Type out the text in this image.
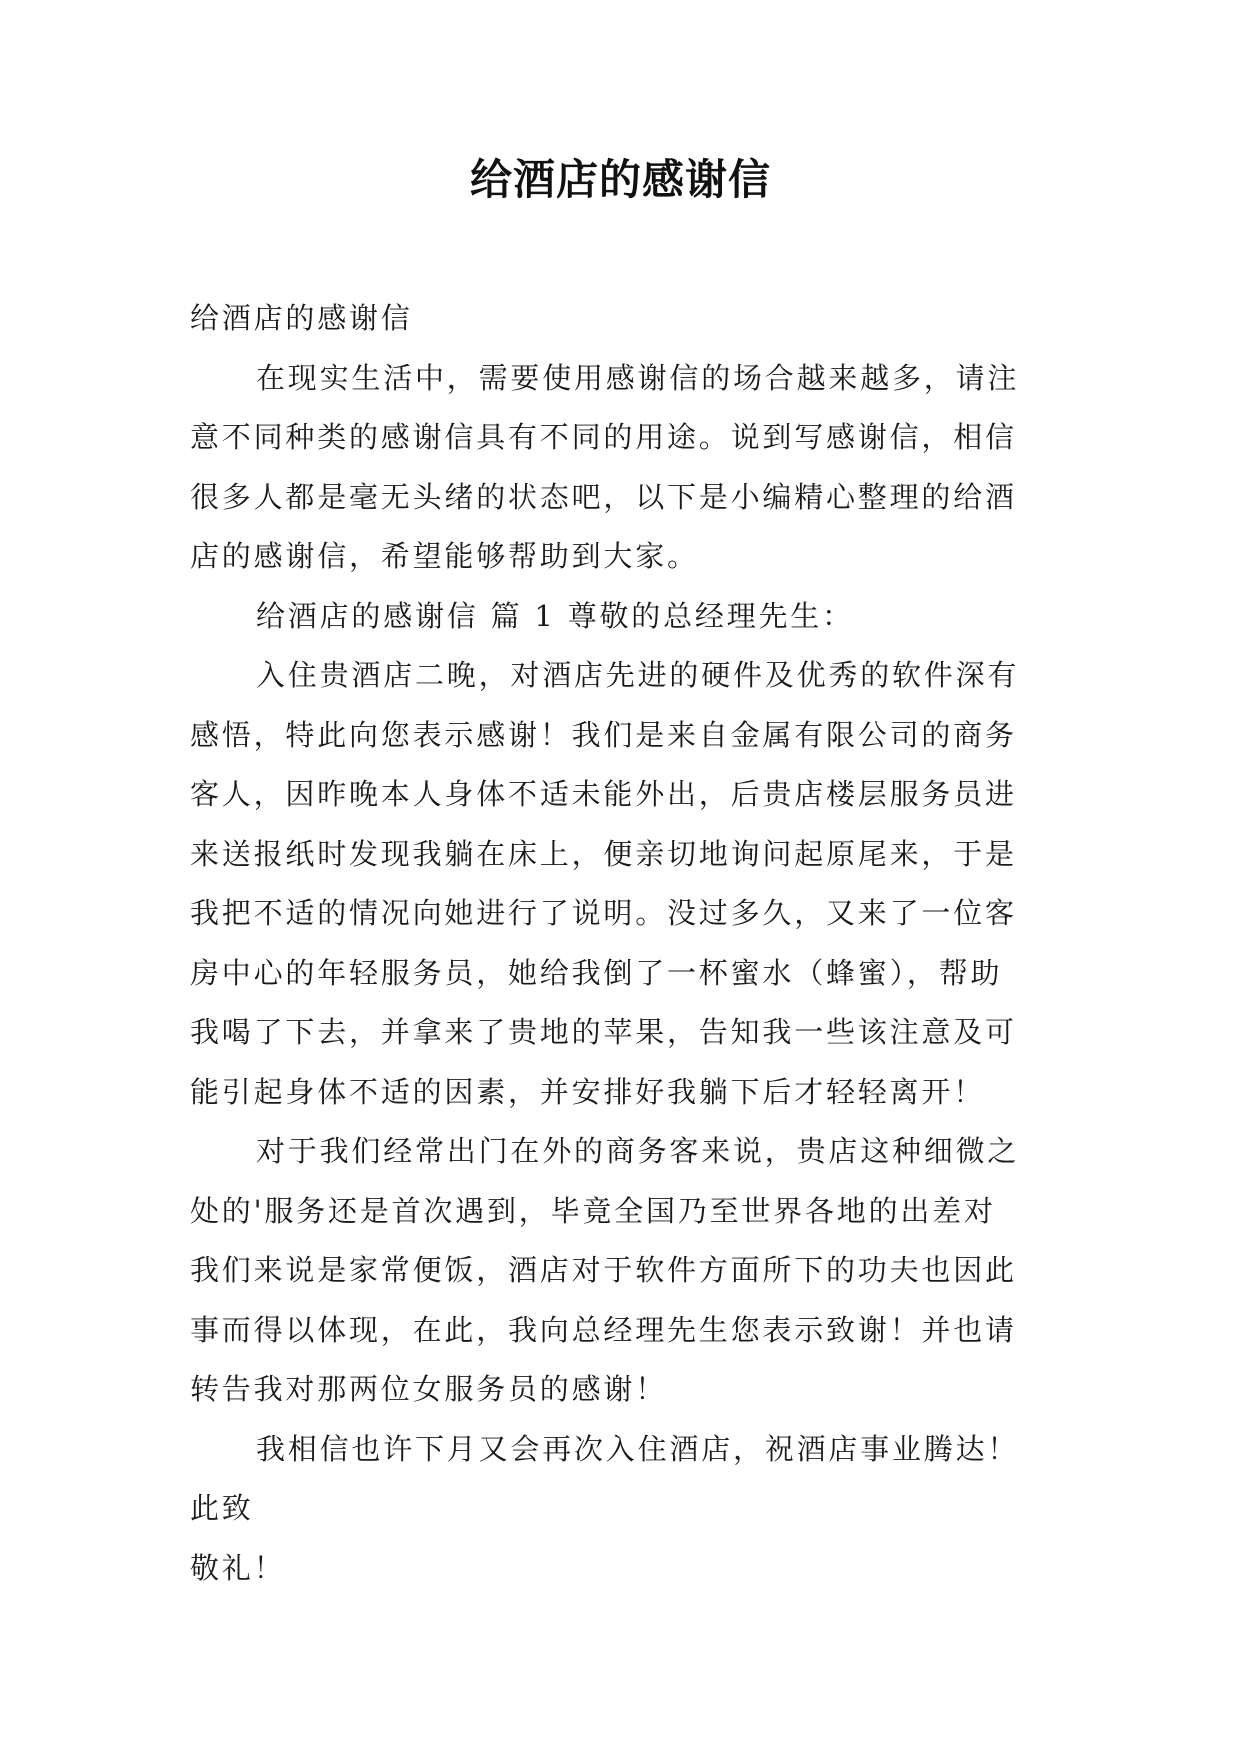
给酒店的感谢信
给酒店的感谢信
在现实生活中，需要使用感谢信的场合越来越多，请注
意不同种类的感谢信具有不同的用途。说到写感谢信，相信
很多人都是毫无头绪的状态吧，以下是小编精心整理的给酒
店的感谢信，希望能够帮助到大家。
给酒店的感谢信 篇 1 尊敬的总经理先生：
入住贵酒店二晚，对酒店先进的硬件及优秀的软件深有
感悟，特此向您表示感谢！我们是来自金属有限公司的商务
客人，因昨晚本人身体不适未能外出，后贵店楼层服务员进
来送报纸时发现我躺在床上，便亲切地询问起原尾来，于是
我把不适的情况向她进行了说明。没过多久，又来了一位客
房中心的年轻服务员，她给我倒了一杯蜜水（蜂蜜），帮助
我喝了下去，并拿来了贵地的苹果，告知我一些该注意及可
能引起身体不适的因素，并安排好我躺下后才轻轻离开！
对于我们经常出门在外的商务客来说，贵店这种细微之
处的'服务还是首次遇到，毕竟全国乃至世界各地的出差对
我们来说是家常便饭，酒店对于软件方面所下的功夫也因此
事而得以体现，在此，我向总经理先生您表示致谢！并也请
转告我对那两位女服务员的感谢！
我相信也许下月又会再次入住酒店，祝酒店事业腾达！
此致
敬礼！
